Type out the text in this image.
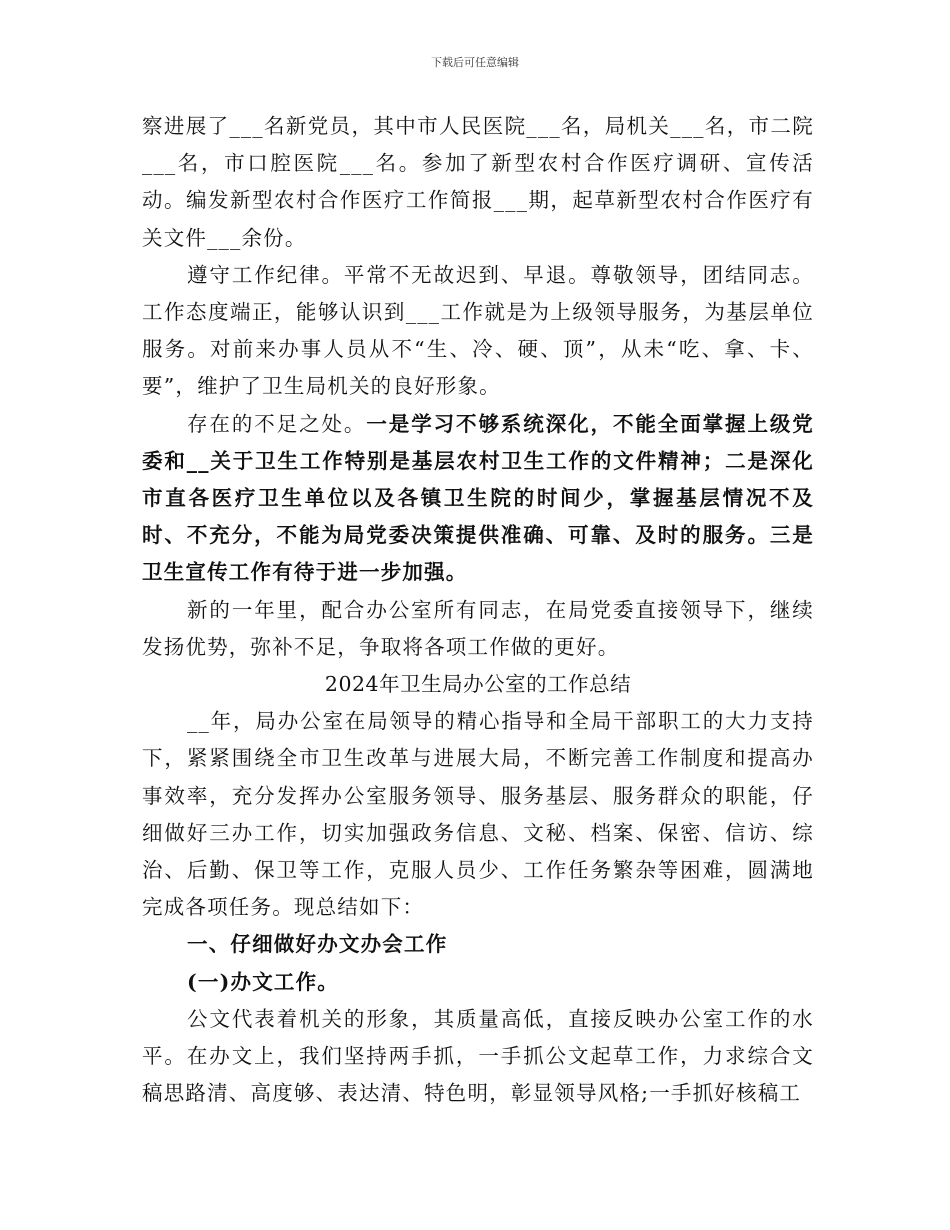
下载后可任意编辑

察进展了___名新党员，其中市人民医院___名，局机关___名，市二院___名，市口腔医院___名。参加了新型农村合作医疗调研、宣传活动。编发新型农村合作医疗工作简报___期，起草新型农村合作医疗有关文件___余份。

遵守工作纪律。平常不无故迟到、早退。尊敬领导，团结同志。工作态度端正，能够认识到___工作就是为上级领导服务，为基层单位服务。对前来办事人员从不“生、冷、硬、顶”，从未“吃、拿、卡、要”，维护了卫生局机关的良好形象。

存在的不足之处。一是学习不够系统深化，不能全面掌握上级党委和__关于卫生工作特别是基层农村卫生工作的文件精神；二是深化市直各医疗卫生单位以及各镇卫生院的时间少，掌握基层情况不及时、不充分，不能为局党委决策提供准确、可靠、及时的服务。三是卫生宣传工作有待于进一步加强。

新的一年里，配合办公室所有同志，在局党委直接领导下，继续发扬优势，弥补不足，争取将各项工作做的更好。

2024年卫生局办公室的工作总结

__年，局办公室在局领导的精心指导和全局干部职工的大力支持下，紧紧围绕全市卫生改革与进展大局，不断完善工作制度和提高办事效率，充分发挥办公室服务领导、服务基层、服务群众的职能，仔细做好三办工作，切实加强政务信息、文秘、档案、保密、信访、综治、后勤、保卫等工作，克服人员少、工作任务繁杂等困难，圆满地完成各项任务。现总结如下：

一、仔细做好办文办会工作

(一)办文工作。

公文代表着机关的形象，其质量高低，直接反映办公室工作的水平。在办文上，我们坚持两手抓，一手抓公文起草工作，力求综合文稿思路清、高度够、表达清、特色明，彰显领导风格;一手抓好核稿工
